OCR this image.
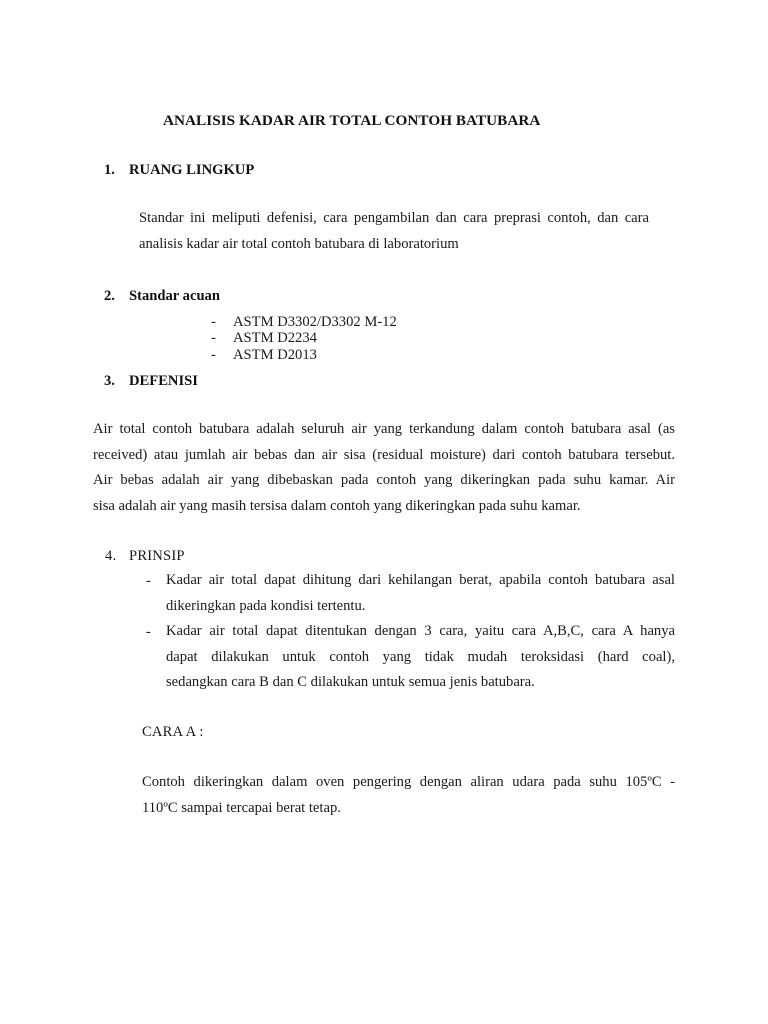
ANALISIS KADAR AIR TOTAL CONTOH BATUBARA
1. RUANG LINGKUP
Standar ini meliputi defenisi, cara pengambilan dan cara preprasi contoh, dan cara
analisis kadar air total contoh batubara di laboratorium
2. Standar acuan
- ASTM D3302/D3302 M-12
- ASTM D2234
- ASTM D2013
3. DEFENISI
Air total contoh batubara adalah seluruh air yang terkandung dalam contoh batubara asal (as
received) atau jumlah air bebas dan air sisa (residual moisture) dari contoh batubara tersebut.
Air bebas adalah air yang dibebaskan pada contoh yang dikeringkan pada suhu kamar. Air
sisa adalah air yang masih tersisa dalam contoh yang dikeringkan pada suhu kamar.
4. PRINSIP
- Kadar air total dapat dihitung dari kehilangan berat, apabila contoh batubara asal
dikeringkan pada kondisi tertentu.
- Kadar air total dapat ditentukan dengan 3 cara, yaitu cara A,B,C, cara A hanya
dapat dilakukan untuk contoh yang tidak mudah teroksidasi (hard coal),
sedangkan cara B dan C dilakukan untuk semua jenis batubara.
CARA A :
Contoh dikeringkan dalam oven pengering dengan aliran udara pada suhu 105ºC -
110ºC sampai tercapai berat tetap.
